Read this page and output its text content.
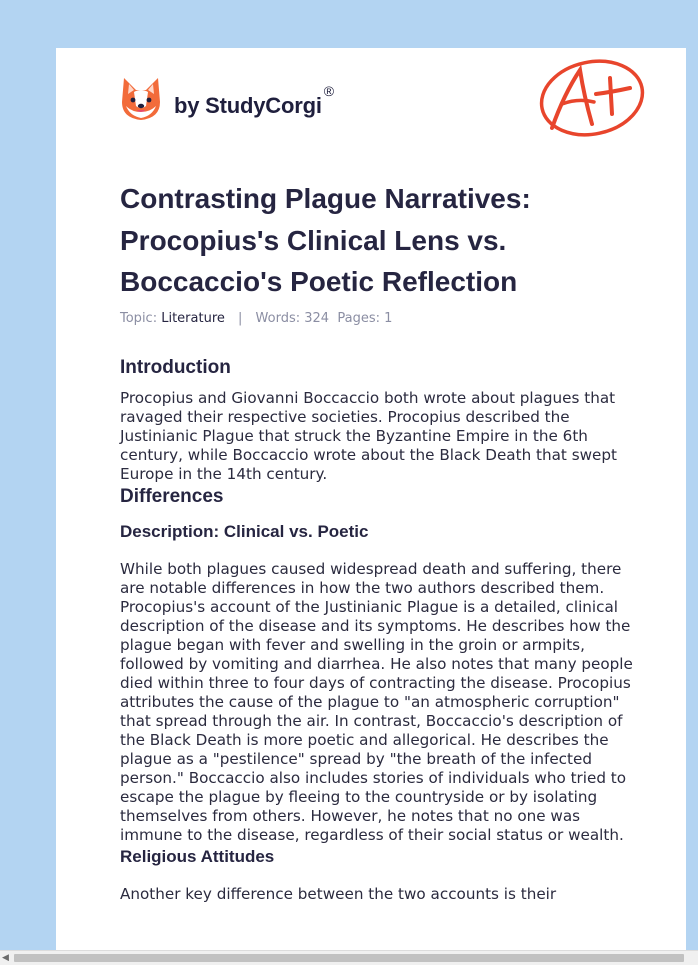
by StudyCorgi®
Contrasting Plague Narratives: Procopius's Clinical Lens vs. Boccaccio's Poetic Reflection
Topic: Literature | Words: 324 Pages: 1
Introduction

Procopius and Giovanni Boccaccio both wrote about plagues that ravaged their respective societies. Procopius described the Justinianic Plague that struck the Byzantine Empire in the 6th century, while Boccaccio wrote about the Black Death that swept Europe in the 14th century.

Differences
Description: Clinical vs. Poetic

While both plagues caused widespread death and suffering, there are notable differences in how the two authors described them. Procopius's account of the Justinianic Plague is a detailed, clinical description of the disease and its symptoms. He describes how the plague began with fever and swelling in the groin or armpits, followed by vomiting and diarrhea. He also notes that many people died within three to four days of contracting the disease. Procopius attributes the cause of the plague to "an atmospheric corruption" that spread through the air. In contrast, Boccaccio's description of the Black Death is more poetic and allegorical. He describes the plague as a "pestilence" spread by "the breath of the infected person." Boccaccio also includes stories of individuals who tried to escape the plague by fleeing to the countryside or by isolating themselves from others. However, he notes that no one was immune to the disease, regardless of their social status or wealth.

Religious Attitudes

Another key difference between the two accounts is their

◀
